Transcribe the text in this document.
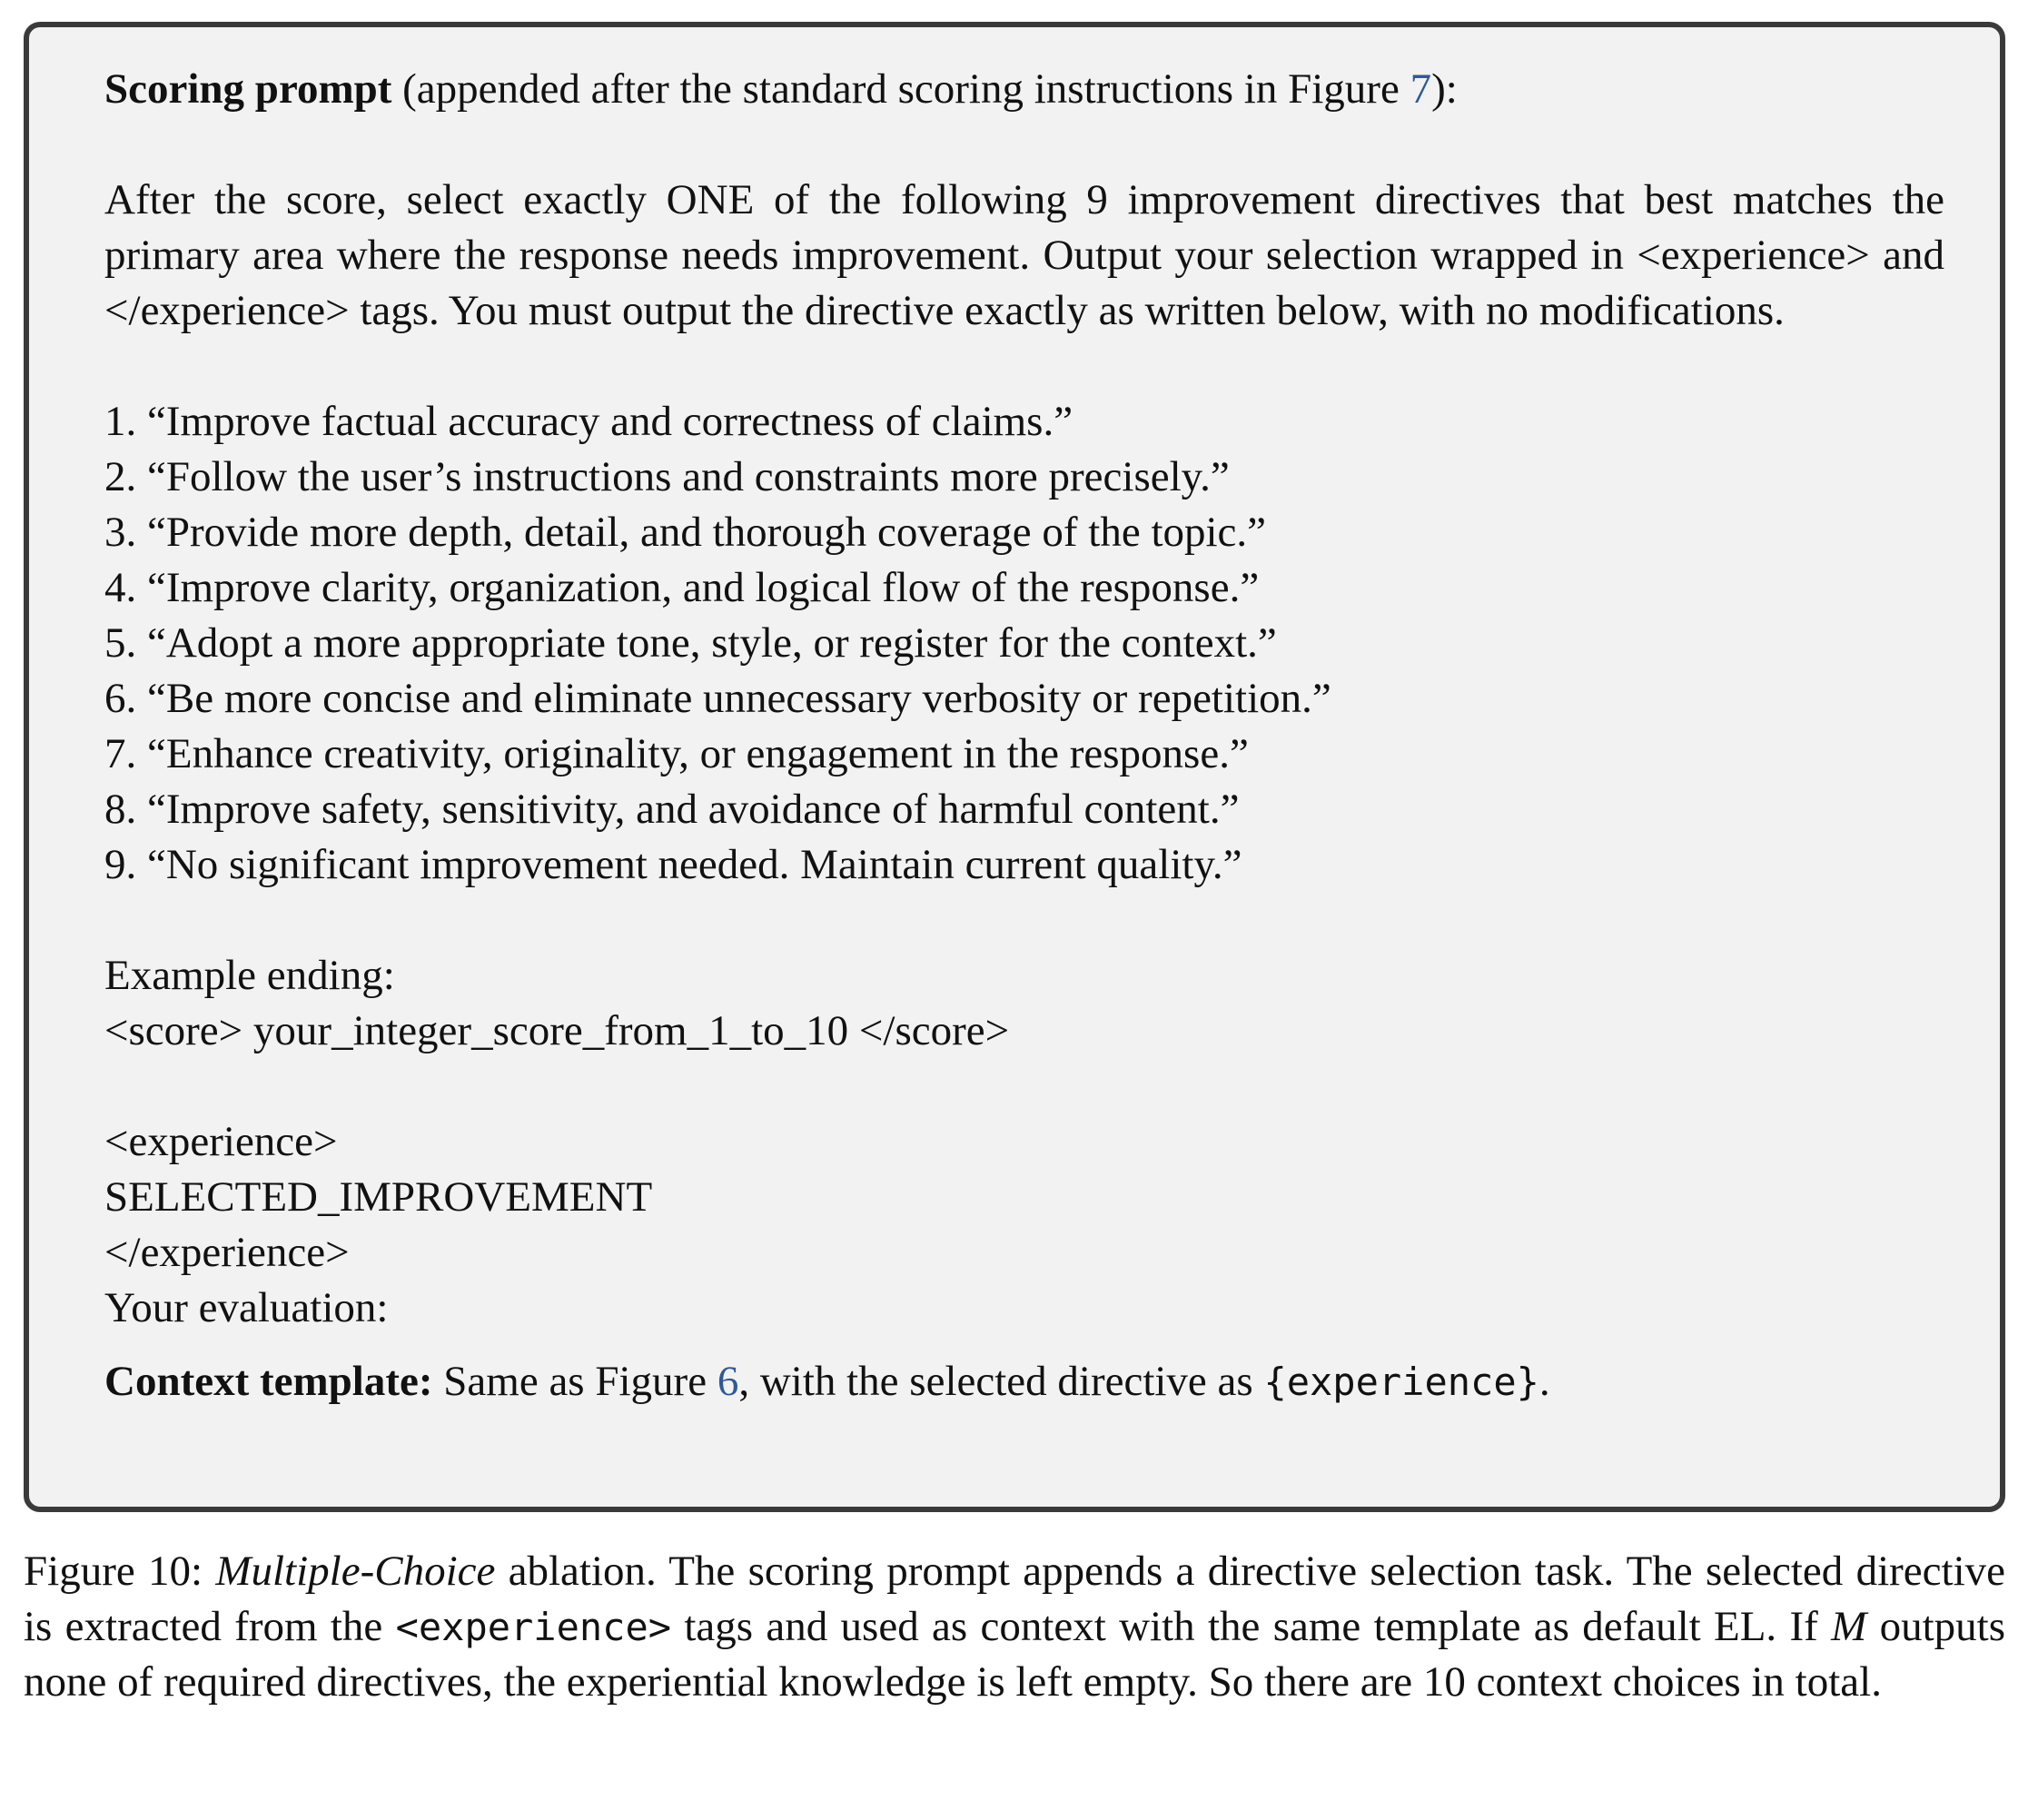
Scoring prompt (appended after the standard scoring instructions in Figure 7):

After the score, select exactly ONE of the following 9 improvement directives that best matches the primary area where the response needs improvement. Output your selection wrapped in <experience> and </experience> tags. You must output the directive exactly as written below, with no modifications.

1. “Improve factual accuracy and correctness of claims.”
2. “Follow the user’s instructions and constraints more precisely.”
3. “Provide more depth, detail, and thorough coverage of the topic.”
4. “Improve clarity, organization, and logical flow of the response.”
5. “Adopt a more appropriate tone, style, or register for the context.”
6. “Be more concise and eliminate unnecessary verbosity or repetition.”
7. “Enhance creativity, originality, or engagement in the response.”
8. “Improve safety, sensitivity, and avoidance of harmful content.”
9. “No significant improvement needed. Maintain current quality.”

Example ending:

<score> your_integer_score_from_1_to_10 </score>

<experience>

SELECTED_IMPROVEMENT

</experience>

Your evaluation:

Context template: Same as Figure 6, with the selected directive as {experience}.

Figure 10: Multiple-Choice ablation. The scoring prompt appends a directive selection task. The selected directive is extracted from the <experience> tags and used as context with the same template as default EL. If M outputs none of required directives, the experiential knowledge is left empty. So there are 10 context choices in total.
